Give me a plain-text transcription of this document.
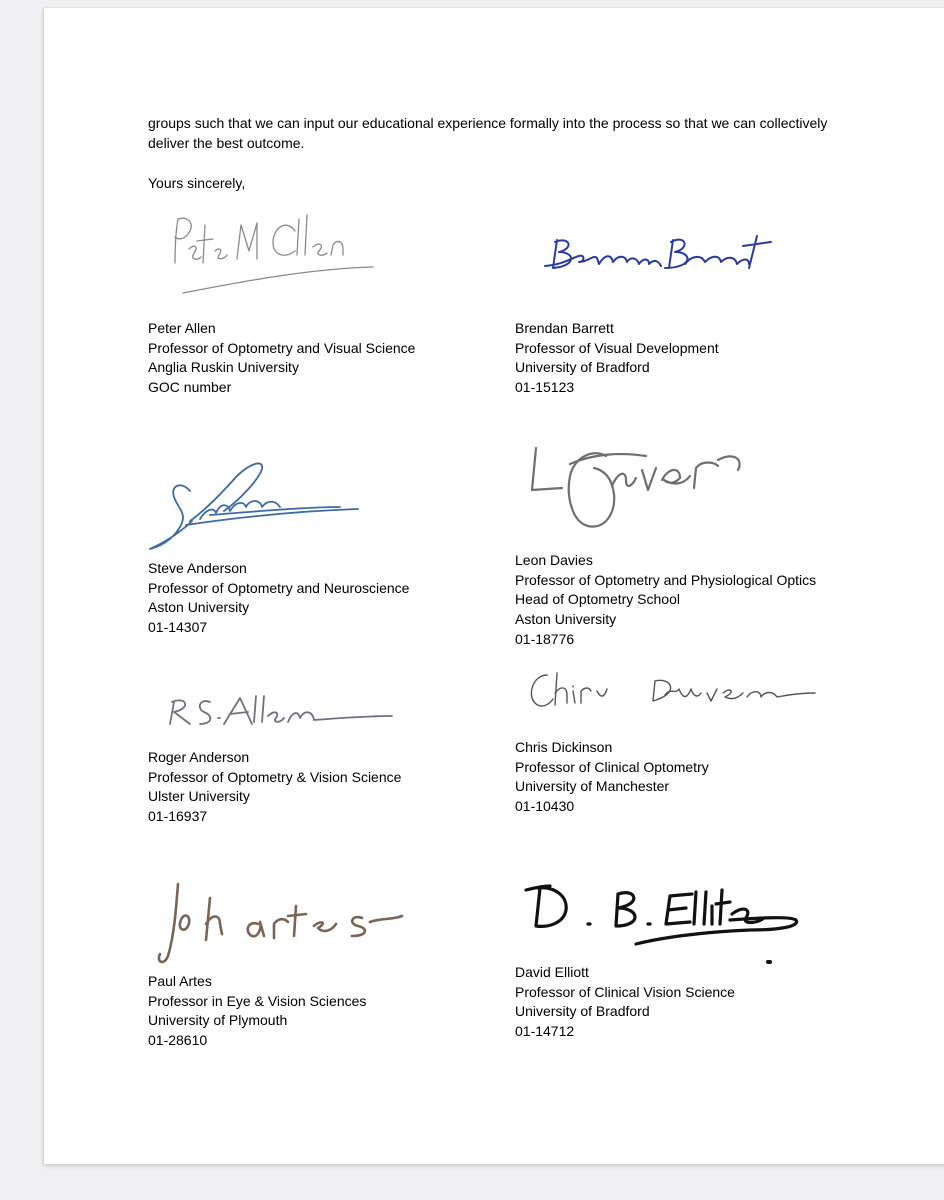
groups such that we can input our educational experience formally into the process so that we can collectively deliver the best outcome.
Yours sincerely,
Peter Allen
Professor of Optometry and Visual Science
Anglia Ruskin University
GOC number
Brendan Barrett
Professor of Visual Development
University of Bradford
01-15123
Steve Anderson
Professor of Optometry and Neuroscience
Aston University
01-14307
Leon Davies
Professor of Optometry and Physiological Optics
Head of Optometry School
Aston University
01-18776
Roger Anderson
Professor of Optometry & Vision Science
Ulster University
01-16937
Chris Dickinson
Professor of Clinical Optometry
University of Manchester
01-10430
Paul Artes
Professor in Eye & Vision Sciences
University of Plymouth
01-28610
David Elliott
Professor of Clinical Vision Science
University of Bradford
01-14712
